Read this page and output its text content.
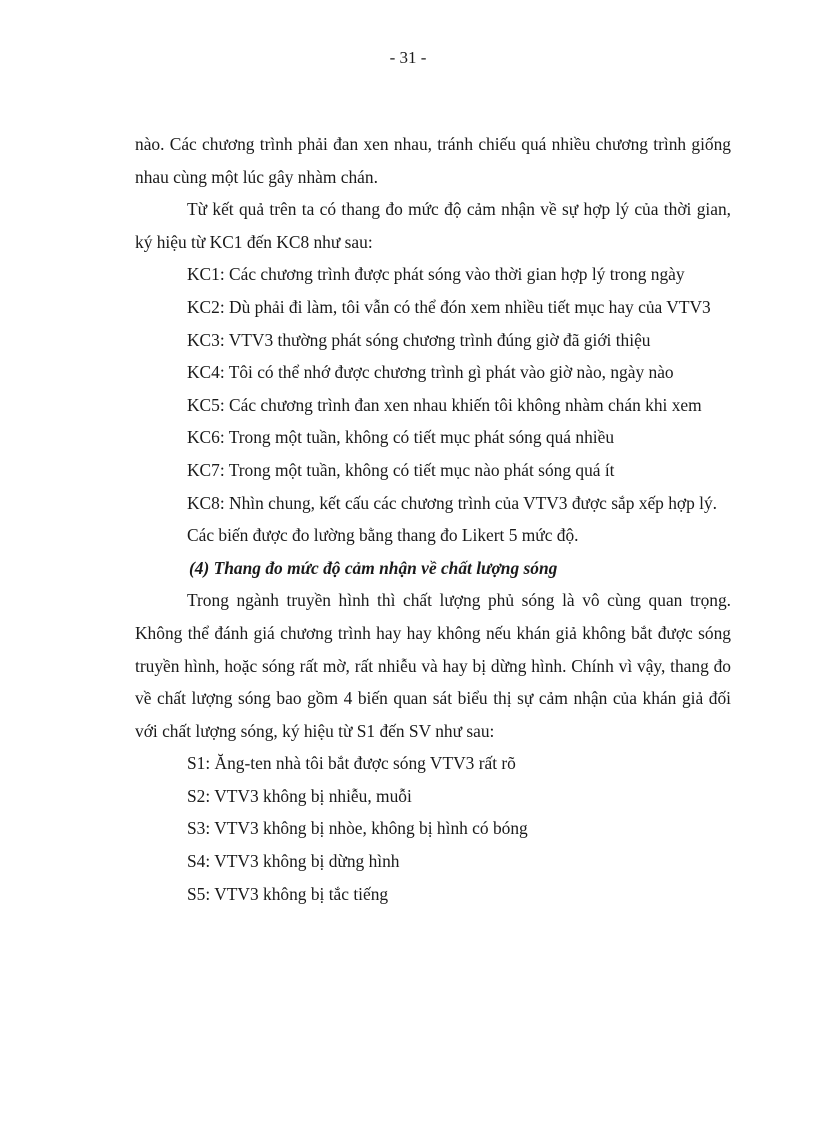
- 31 -

nào. Các chương trình phải đan xen nhau, tránh chiếu quá nhiều chương trình giống nhau cùng một lúc gây nhàm chán.

Từ kết quả trên ta có thang đo mức độ cảm nhận về sự hợp lý của thời gian, ký hiệu từ KC1 đến KC8 như sau:

KC1: Các chương trình được phát sóng vào thời gian hợp lý trong ngày

KC2: Dù phải đi làm, tôi vẫn có thể đón xem nhiều tiết mục hay của VTV3

KC3: VTV3 thường phát sóng chương trình đúng giờ đã giới thiệu

KC4: Tôi có thể nhớ được chương trình gì phát vào giờ nào, ngày nào

KC5: Các chương trình đan xen nhau khiến tôi không nhàm chán khi xem

KC6: Trong một tuần, không có tiết mục phát sóng quá nhiều

KC7: Trong một tuần, không có tiết mục nào phát sóng quá ít

KC8: Nhìn chung, kết cấu các chương trình của VTV3 được sắp xếp hợp lý.

Các biến được đo lường bằng thang đo Likert 5 mức độ.

(4) Thang đo mức độ cảm nhận về chất lượng sóng

Trong ngành truyền hình thì chất lượng phủ sóng là vô cùng quan trọng. Không thể đánh giá chương trình hay hay không nếu khán giả không bắt được sóng truyền hình, hoặc sóng rất mờ, rất nhiễu và hay bị dừng hình. Chính vì vậy, thang đo về chất lượng sóng bao gồm 4 biến quan sát biểu thị sự cảm nhận của khán giả đối với chất lượng sóng, ký hiệu từ S1 đến SV như sau:

S1: Ăng-ten nhà tôi bắt được sóng VTV3 rất rõ

S2: VTV3 không bị nhiễu, muỗi

S3: VTV3 không bị nhòe, không bị hình có bóng

S4: VTV3 không bị dừng hình

S5: VTV3 không bị tắc tiếng
